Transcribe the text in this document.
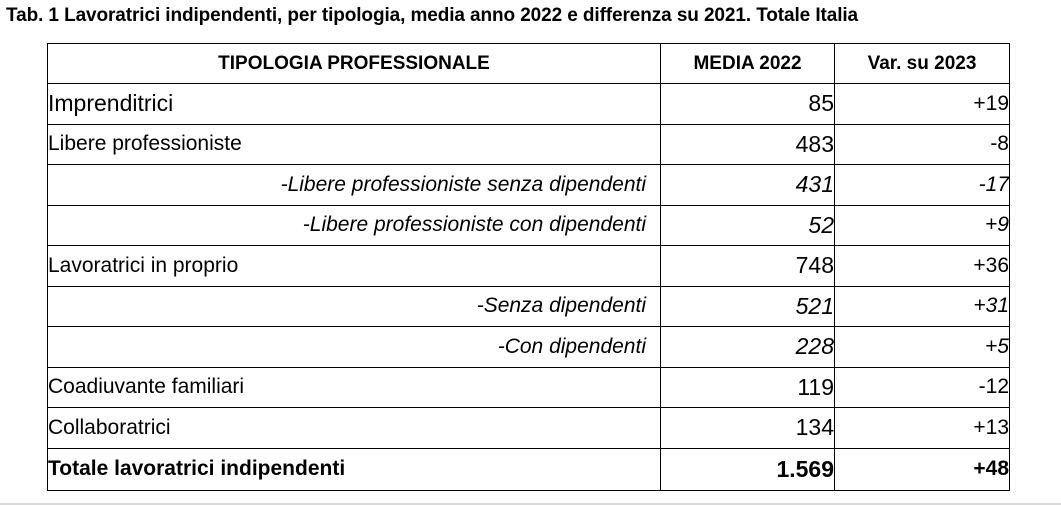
Tab. 1 Lavoratrici indipendenti, per tipologia, media anno 2022 e differenza su 2021. Totale Italia
TIPOLOGIA PROFESSIONALE	MEDIA 2022	Var. su 2023
Imprenditrici	85	+19
Libere professioniste	483	-8
-Libere professioniste senza dipendenti	431	-17
-Libere professioniste con dipendenti	52	+9
Lavoratrici in proprio	748	+36
-Senza dipendenti	521	+31
-Con dipendenti	228	+5
Coadiuvante familiari	119	-12
Collaboratrici	134	+13
Totale lavoratrici indipendenti	1.569	+48
